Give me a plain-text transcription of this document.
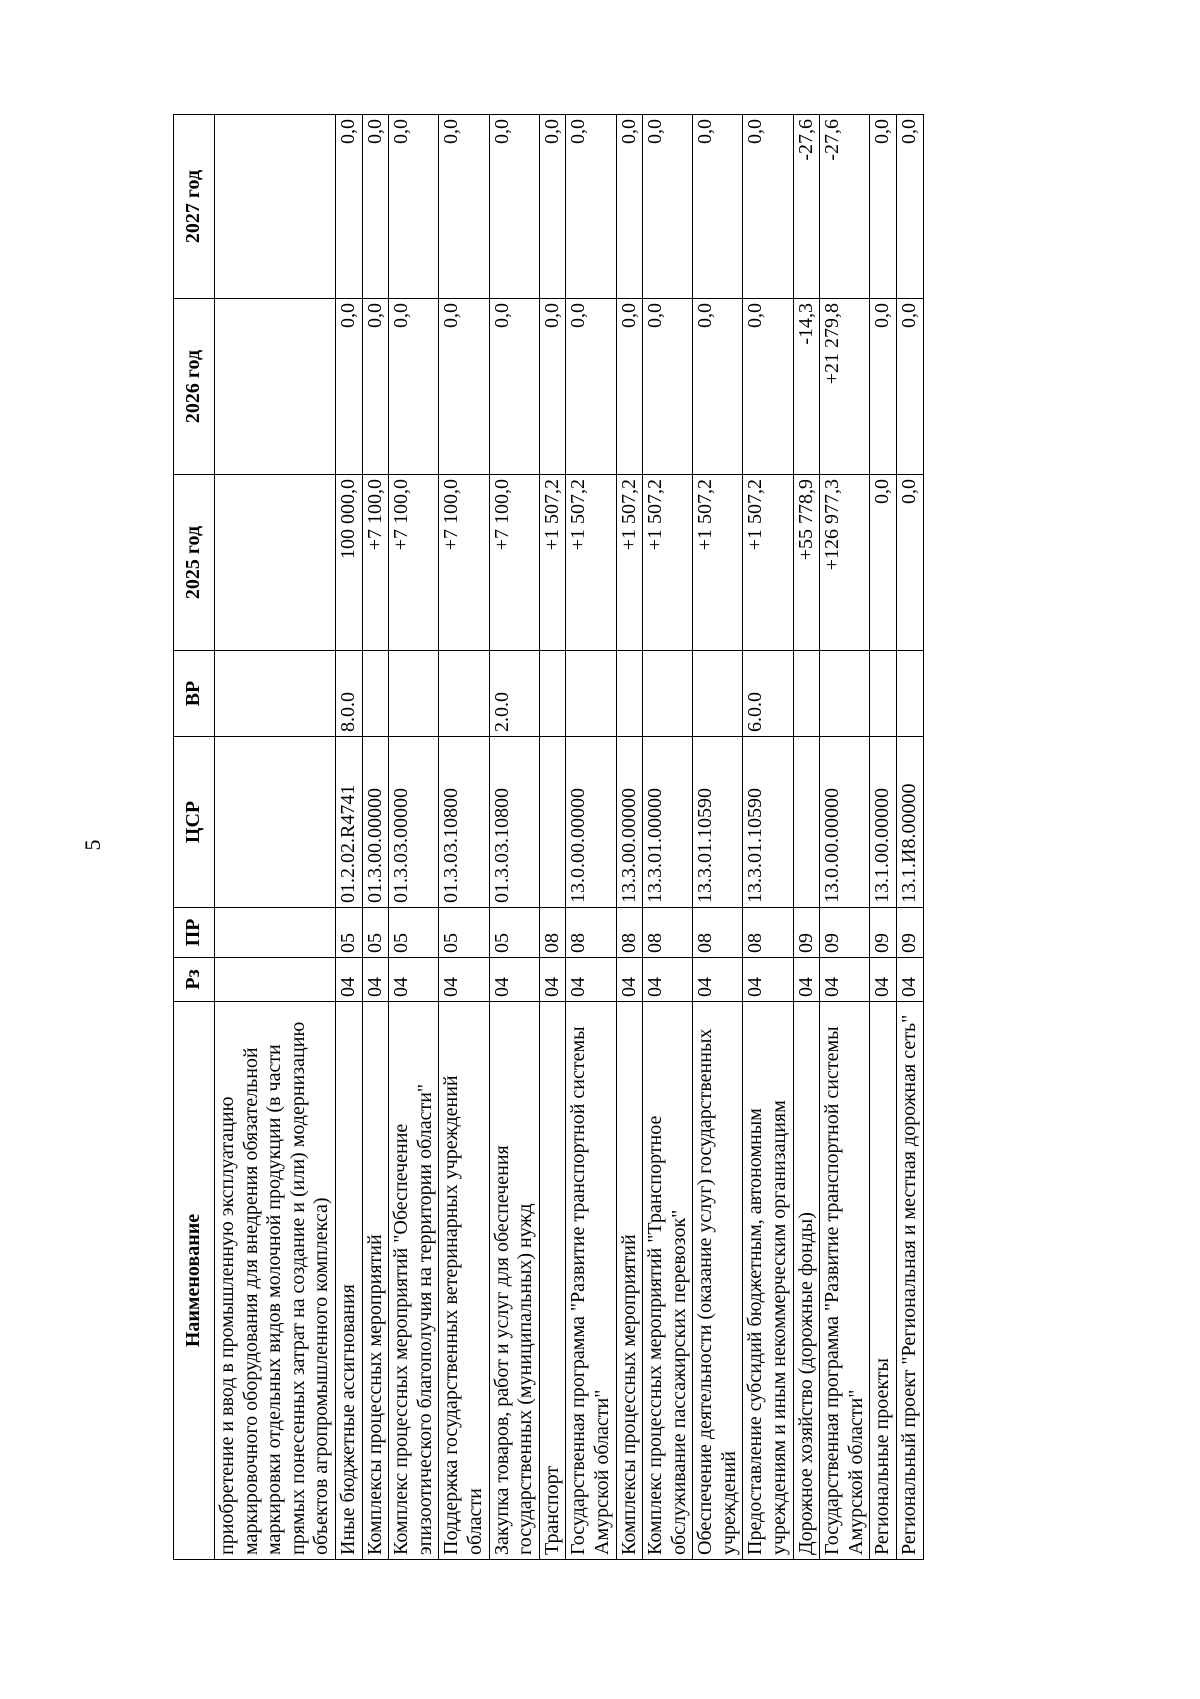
5
Наименование	Рз	ПР	ЦСР	ВР	2025 год	2026 год	2027 год
приобретение и ввод в промышленную эксплуатацию маркировочного оборудования для внедрения обязательной маркировки отдельных видов молочной продукции (в части прямых понесенных затрат на создание и (или) модернизацию объектов агропромышленного комплекса)							
Иные бюджетные ассигнования	04	05	01.2.02.R4741	8.0.0	100 000,0	0,0	0,0
Комплексы процессных мероприятий	04	05	01.3.00.00000		+7 100,0	0,0	0,0
Комплекс процессных мероприятий "Обеспечение эпизоотического благополучия на территории области"	04	05	01.3.03.00000		+7 100,0	0,0	0,0
Поддержка государственных ветеринарных учреждений области	04	05	01.3.03.10800		+7 100,0	0,0	0,0
Закупка товаров, работ и услуг для обеспечения государственных (муниципальных) нужд	04	05	01.3.03.10800	2.0.0	+7 100,0	0,0	0,0
Транспорт	04	08			+1 507,2	0,0	0,0
Государственная программа "Развитие транспортной системы Амурской области"	04	08	13.0.00.00000		+1 507,2	0,0	0,0
Комплексы процессных мероприятий	04	08	13.3.00.00000		+1 507,2	0,0	0,0
Комплекс процессных мероприятий "Транспортное обслуживание пассажирских перевозок"	04	08	13.3.01.00000		+1 507,2	0,0	0,0
Обеспечение деятельности (оказание услуг) государственных учреждений	04	08	13.3.01.10590		+1 507,2	0,0	0,0
Предоставление субсидий бюджетным, автономным учреждениям и иным некоммерческим организациям	04	08	13.3.01.10590	6.0.0	+1 507,2	0,0	0,0
Дорожное хозяйство (дорожные фонды)	04	09			+55 778,9	-14,3	-27,6
Государственная программа "Развитие транспортной системы Амурской области"	04	09	13.0.00.00000		+126 977,3	+21 279,8	-27,6
Региональные проекты	04	09	13.1.00.00000		0,0	0,0	0,0
Региональный проект "Региональная и местная дорожная сеть"	04	09	13.1.И8.00000		0,0	0,0	0,0
